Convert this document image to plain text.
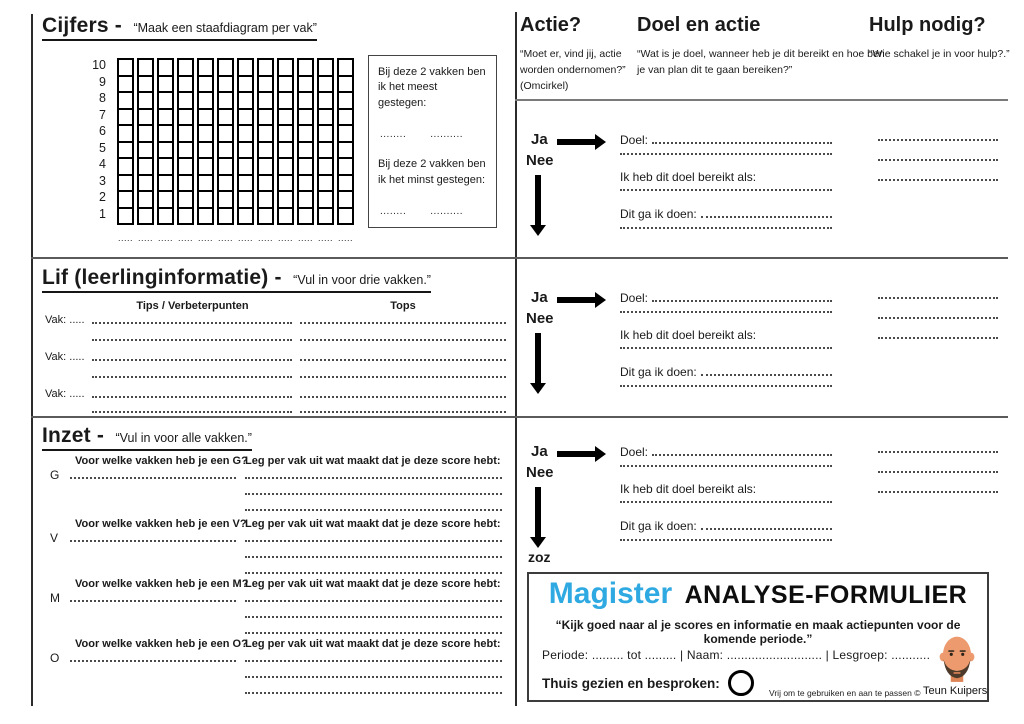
Cijfers - “Maak een staafdiagram per vak”
10
9
8
7
6
5
4
3
2
1
..... ..... ..... ..... ..... ..... ..... ..... ..... ..... ..... .....
Bij deze 2 vakken ben ik het meest gestegen:
........ ..........
Bij deze 2 vakken ben ik het minst gestegen:
........ ..........
Lif (leerlinginformatie) - “Vul in voor drie vakken.”
Tips / Verbeterpunten	Tops
Vak: .....
Vak: .....
Vak: .....
Inzet - “Vul in voor alle vakken.”
Voor welke vakken heb je een G?
G
Leg per vak uit wat maakt dat je deze score hebt:
Voor welke vakken heb je een V?
V
Leg per vak uit wat maakt dat je deze score hebt:
Voor welke vakken heb je een M?
M
Leg per vak uit wat maakt dat je deze score hebt:
Voor welke vakken heb je een O?
O
Leg per vak uit wat maakt dat je deze score hebt:
Actie?
“Moet er, vind jij, actie worden ondernomen?”
(Omcirkel)
Doel en actie
“Wat is je doel, wanneer heb je dit bereikt en hoe ben je van plan dit te gaan bereiken?”
Hulp nodig?
“Wie schakel je in voor hulp?.”
Ja
Nee
Doel:
Ik heb dit doel bereikt als:
Dit ga ik doen:
Ja
Nee
Doel:
Ik heb dit doel bereikt als:
Dit ga ik doen:
Ja
Nee
zoz
Doel:
Ik heb dit doel bereikt als:
Dit ga ik doen:
Magister ANALYSE-FORMULIER
“Kijk goed naar al je scores en informatie en maak actiepunten voor de komende periode.”
Periode: ......... tot ......... | Naam: ........................... | Lesgroep: ...........
Thuis gezien en besproken:
Teun Kuipers
Vrij om te gebruiken en aan te passen ©
